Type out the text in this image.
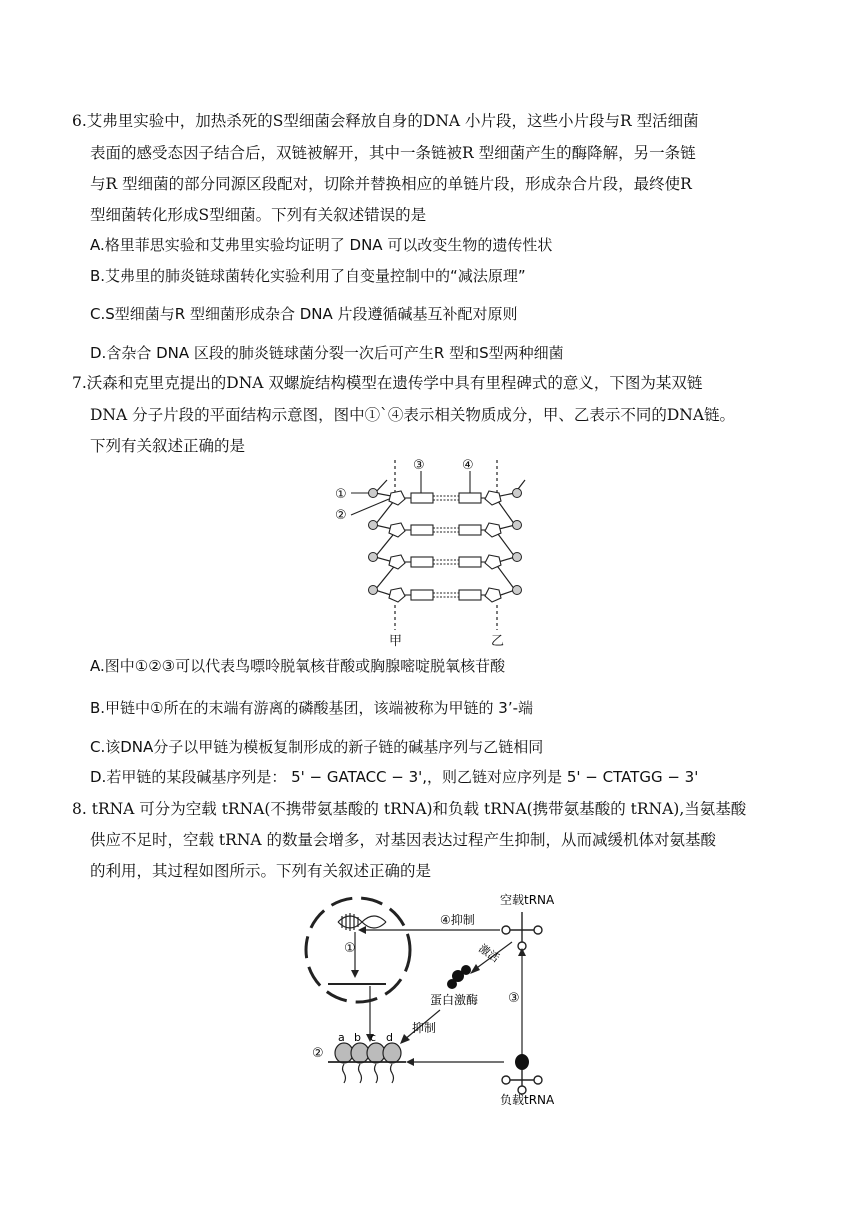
6.艾弗里实验中，加热杀死的S型细菌会释放自身的DNA 小片段，这些小片段与R 型活细菌
表面的感受态因子结合后，双链被解开，其中一条链被R 型细菌产生的酶降解，另一条链
与R 型细菌的部分同源区段配对，切除并替换相应的单链片段，形成杂合片段，最终使R
型细菌转化形成S型细菌。下列有关叙述错误的是
A.格里菲思实验和艾弗里实验均证明了 DNA 可以改变生物的遗传性状
B.艾弗里的肺炎链球菌转化实验利用了自变量控制中的“减法原理”
C.S型细菌与R 型细菌形成杂合 DNA 片段遵循碱基互补配对原则
D.含杂合 DNA 区段的肺炎链球菌分裂一次后可产生R 型和S型两种细菌
7.沃森和克里克提出的DNA 双螺旋结构模型在遗传学中具有里程碑式的意义，下图为某双链
DNA 分子片段的平面结构示意图，图中①`④表示相关物质成分，甲、乙表示不同的DNA链。
下列有关叙述正确的是
③	④
①
②
甲	乙
A.图中①②③可以代表鸟嘌呤脱氧核苷酸或胸腺嘧啶脱氧核苷酸
B.甲链中①所在的末端有游离的磷酸基团，该端被称为甲链的 3’-端
C.该DNA分子以甲链为模板复制形成的新子链的碱基序列与乙链相同
D.若甲链的某段碱基序列是： 5' − GATACC − 3',，则乙链对应序列是 5' − CTATGG − 3'
8. tRNA 可分为空载 tRNA(不携带氨基酸的 tRNA)和负载 tRNA(携带氨基酸的 tRNA),当氨基酸
供应不足时，空载 tRNA 的数量会增多，对基因表达过程产生抑制，从而减缓机体对氨基酸
的利用，其过程如图所示。下列有关叙述正确的是
①
②
a b c d
空载tRNA
④抑制
激活
蛋白激酶
抑制
③
负载tRNA
